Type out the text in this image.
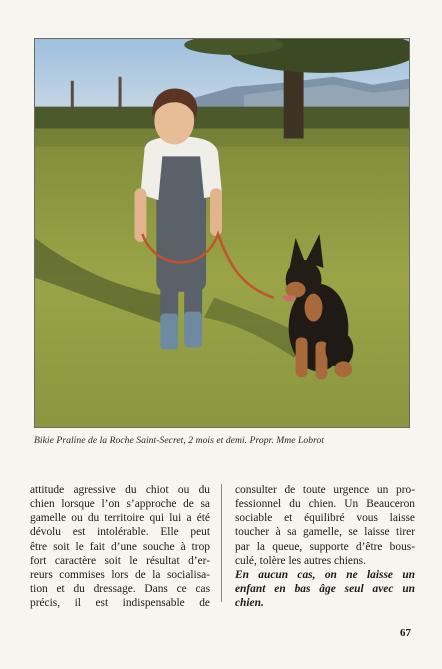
Bikie Praline de la Roche Saint-Secret, 2 mois et demi. Propr. Mme Lobrot
attitude agressive du chiot ou du
chien lorsque l’on s’approche de sa
gamelle ou du territoire qui lui a été
dévolu est intolérable. Elle peut
être soit le fait d’une souche à trop
fort caractère soit le résultat d’er-
reurs commises lors de la socialisa-
tion et du dressage. Dans ce cas
précis, il est indispensable de
consulter de toute urgence un pro-
fessionnel du chien. Un Beauceron
sociable et équilibré vous laisse
toucher à sa gamelle, se laisse tirer
par la queue, supporte d’être bous-
culé, tolère les autres chiens.
En aucun cas, on ne laisse un
enfant en bas âge seul avec un
chien.
67
